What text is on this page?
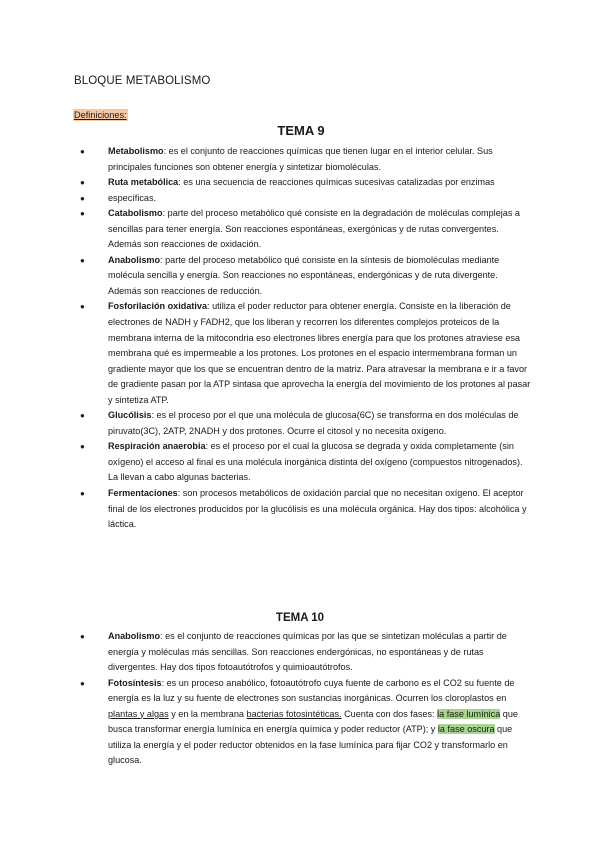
BLOQUE METABOLISMO
Definiciones:
TEMA 9
●	Metabolismo: es el conjunto de reacciones químicas que tienen lugar en el interior celular. Sus principales funciones son obtener energía y sintetizar biomoléculas.
●	Ruta metabólica: es una secuencia de reacciones químicas sucesivas catalizadas por enzimas
●	específicas.
●	Catabolismo: parte del proceso metabólico qué consiste en la degradación de moléculas complejas a sencillas para tener energía. Son reacciones espontáneas, exergónicas y de rutas convergentes. Además son reacciones de oxidación.
●	Anabolismo: parte del proceso metabólico qué consiste en la síntesis de biomoléculas mediante molécula sencilla y energía. Son reacciones no espontáneas, endergónicas y de ruta divergente. Además son reacciones de reducción.
●	Fosforilación oxidativa: utiliza el poder reductor para obtener energía. Consiste en la liberación de electrones de NADH y FADH2, que los liberan y recorren los diferentes complejos proteicos de la membrana interna de la mitocondria eso electrones libres energía para que los protones atraviese esa membrana qué es impermeable a los protones. Los protones en el espacio intermembrana forman un gradiente mayor que los que se encuentran dentro de la matriz. Para atravesar la membrana e ir a favor de gradiente pasan por la ATP sintasa que aprovecha la energía del movimiento de los protones al pasar y sintetiza ATP.
●	Glucólisis: es el proceso por el que una molécula de glucosa(6C) se transforma en dos moléculas de piruvato(3C), 2ATP, 2NADH y dos protones. Ocurre el citosol y no necesita oxígeno.
●	Respiración anaerobia: es el proceso por el cual la glucosa se degrada y oxida completamente (sin oxígeno) el acceso al final es una molécula inorgánica distinta del oxígeno (compuestos nitrogenados). La llevan a cabo algunas bacterias.
●	Fermentaciones: son procesos metabólicos de oxidación parcial que no necesitan oxígeno. El aceptor final de los electrones producidos por la glucólisis es una molécula orgánica. Hay dos tipos: alcohólica y láctica.
TEMA 10
●	Anabolismo: es el conjunto de reacciones químicas por las que se sintetizan moléculas a partir de energía y moléculas más sencillas. Son reacciones endergónicas, no espontáneas y de rutas divergentes. Hay dos tipos fotoautótrofos y quimioautótrofos.
●	Fotosíntesis: es un proceso anabólico, fotoautótrofo cuya fuente de carbono es el CO2 su fuente de energía es la luz y su fuente de electrones son sustancias inorgánicas. Ocurren los cloroplastos en plantas y algas y en la membrana bacterias fotosintéticas. Cuenta con dos fases: la fase lumínica que busca transformar energía lumínica en energía química y poder reductor (ATP); y la fase oscura que utiliza la energía y el poder reductor obtenidos en la fase lumínica para fijar CO2 y transformarlo en glucosa.
